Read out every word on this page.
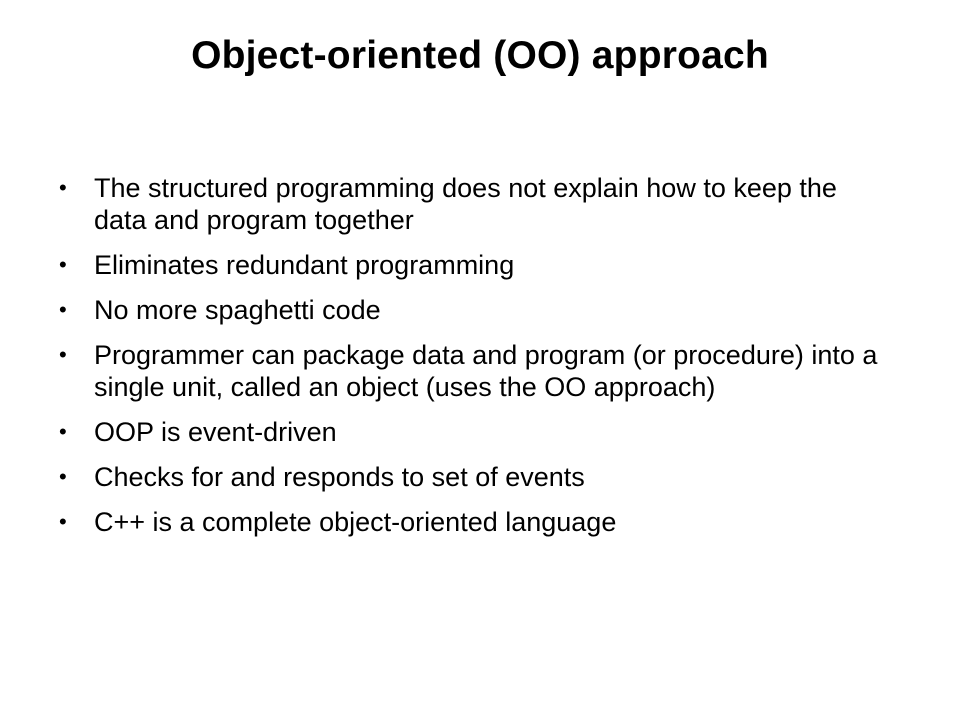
Object-oriented (OO) approach
•	The structured programming does not explain how to keep the data and program together
•	Eliminates redundant programming
•	No more spaghetti code
•	Programmer can package data and program (or procedure) into a single unit, called an object (uses the OO approach)
•	OOP is event-driven
•	Checks for and responds to set of events
•	C++ is a complete object-oriented language
